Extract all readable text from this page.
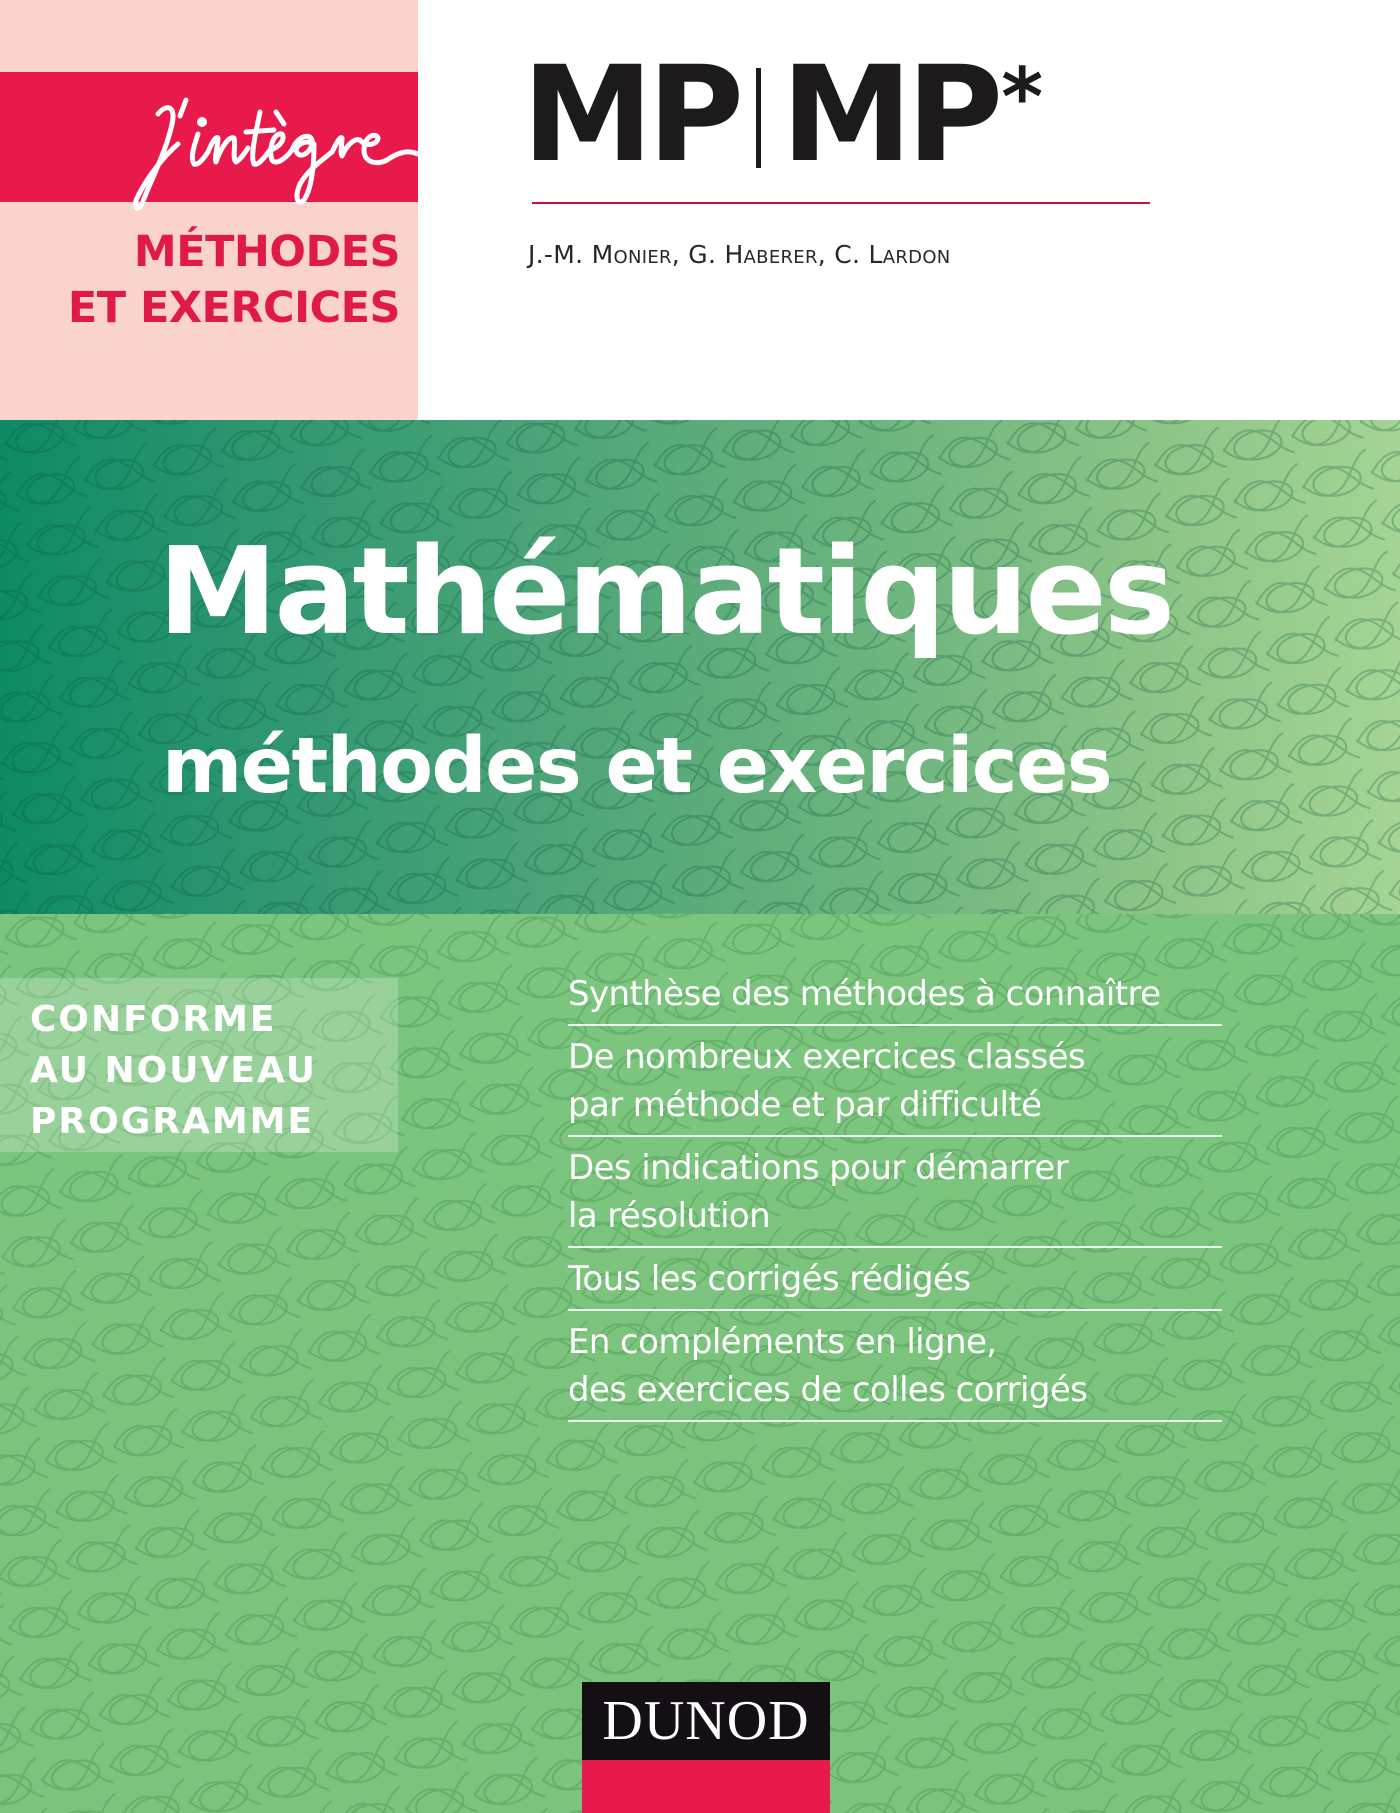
MÉTHODES
ET EXERCICES
MP MP *
J.-M. Monier, G. Haberer, C. Lardon
Mathématiques
méthodes et exercices
CONFORME
AU NOUVEAU
PROGRAMME
Synthèse des méthodes à connaître
De nombreux exercices classés
par méthode et par difficulté
Des indications pour démarrer
la résolution
Tous les corrigés rédigés
En compléments en ligne,
des exercices de colles corrigés
DUNOD
